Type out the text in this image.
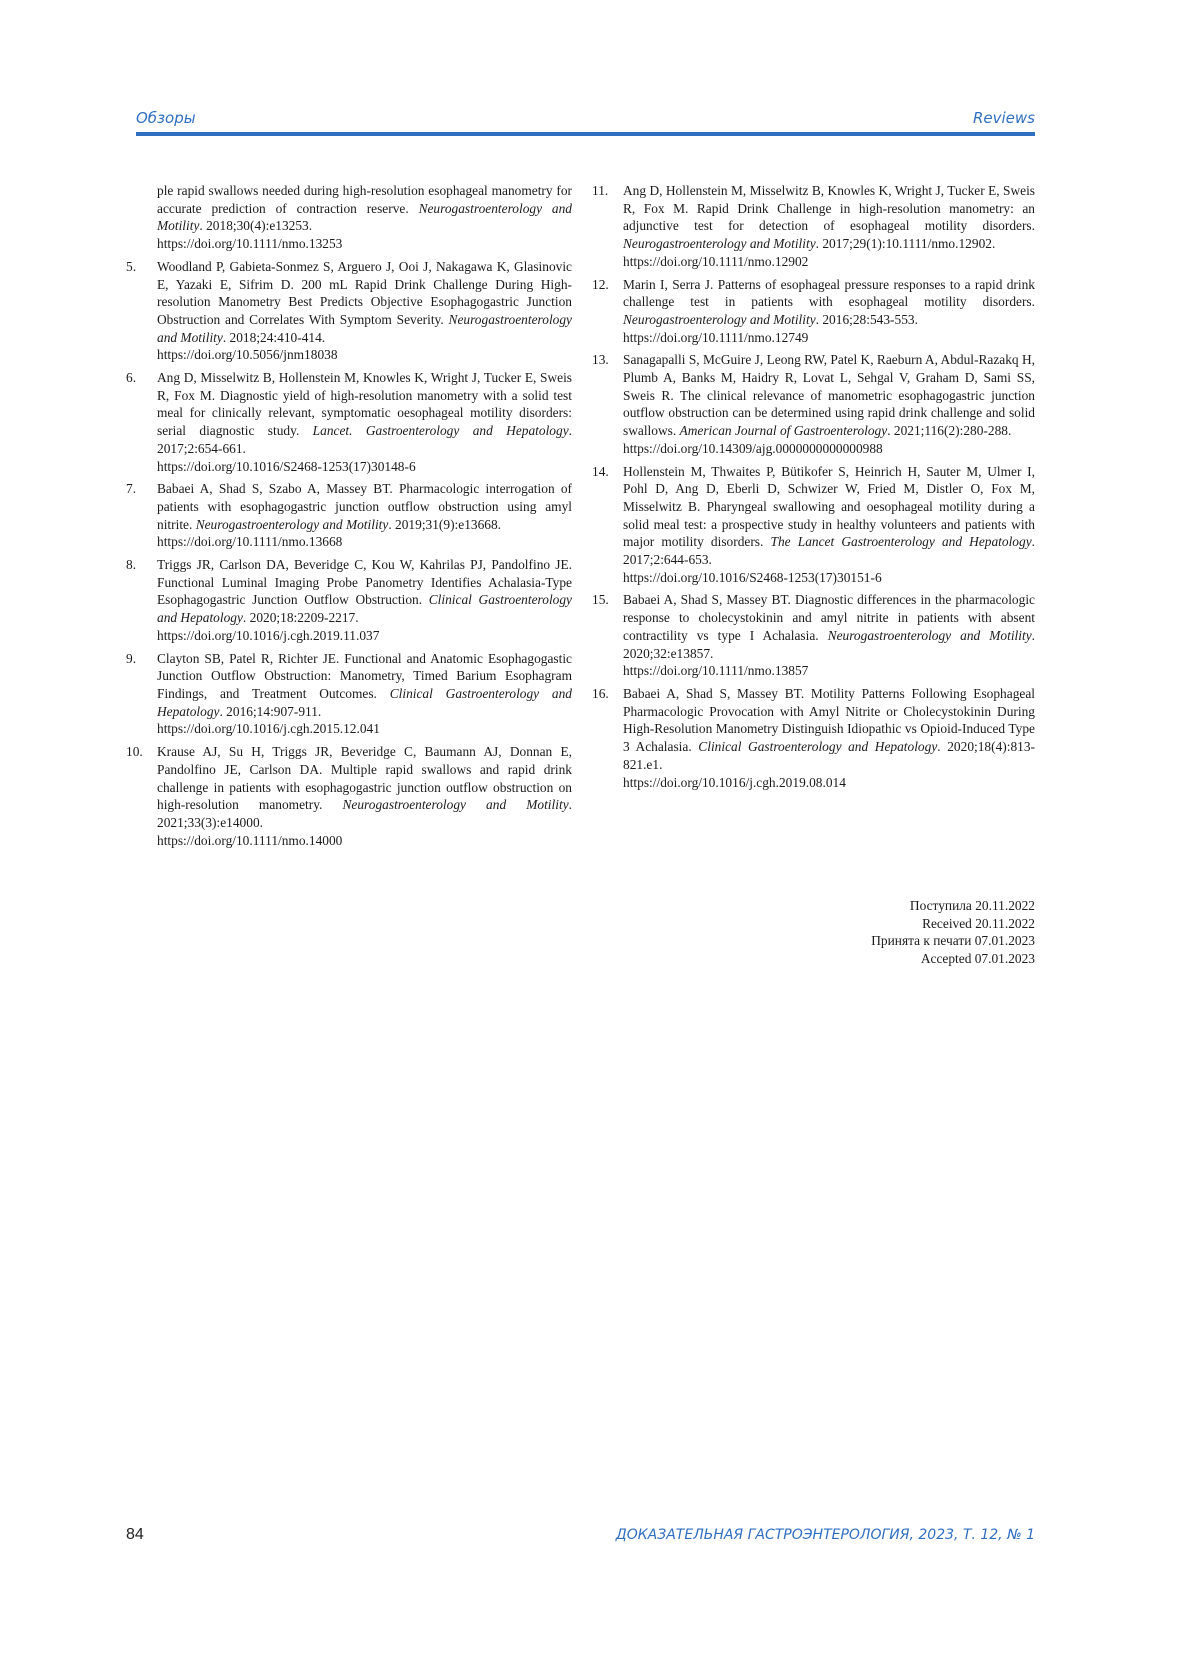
Обзоры	Reviews
ple rapid swallows needed during high-resolution esophageal manometry for accurate prediction of contraction reserve. Neurogastroenterology and Motility. 2018;30(4):e13253.
https://doi.org/10.1111/nmo.13253
5. Woodland P, Gabieta-Sonmez S, Arguero J, Ooi J, Nakagawa K, Glasinovic E, Yazaki E, Sifrim D. 200 mL Rapid Drink Challenge During High-resolution Manometry Best Predicts Objective Esophagogastric Junction Obstruction and Correlates With Symptom Severity. Neurogastroenterology and Motility. 2018;24:410-414.
https://doi.org/10.5056/jnm18038
6. Ang D, Misselwitz B, Hollenstein M, Knowles K, Wright J, Tucker E, Sweis R, Fox M. Diagnostic yield of high-resolution manometry with a solid test meal for clinically relevant, symptomatic oesophageal motility disorders: serial diagnostic study. Lancet. Gastroenterology and Hepatology. 2017;2:654-661.
https://doi.org/10.1016/S2468-1253(17)30148-6
7. Babaei A, Shad S, Szabo A, Massey BT. Pharmacologic interrogation of patients with esophagogastric junction outflow obstruction using amyl nitrite. Neurogastroenterology and Motility. 2019;31(9):e13668.
https://doi.org/10.1111/nmo.13668
8. Triggs JR, Carlson DA, Beveridge C, Kou W, Kahrilas PJ, Pandolfino JE. Functional Luminal Imaging Probe Panometry Identifies Achalasia-Type Esophagogastric Junction Outflow Obstruction. Clinical Gastroenterology and Hepatology. 2020;18:2209-2217.
https://doi.org/10.1016/j.cgh.2019.11.037
9. Clayton SB, Patel R, Richter JE. Functional and Anatomic Esophagogastic Junction Outflow Obstruction: Manometry, Timed Barium Esophagram Findings, and Treatment Outcomes. Clinical Gastroenterology and Hepatology. 2016;14:907-911.
https://doi.org/10.1016/j.cgh.2015.12.041
10. Krause AJ, Su H, Triggs JR, Beveridge C, Baumann AJ, Donnan E, Pandolfino JE, Carlson DA. Multiple rapid swallows and rapid drink challenge in patients with esophagogastric junction outflow obstruction on high-resolution manometry. Neurogastroenterology and Motility. 2021;33(3):e14000.
https://doi.org/10.1111/nmo.14000
11. Ang D, Hollenstein M, Misselwitz B, Knowles K, Wright J, Tucker E, Sweis R, Fox M. Rapid Drink Challenge in high-resolution manometry: an adjunctive test for detection of esophageal motility disorders. Neurogastroenterology and Motility. 2017;29(1):10.1111/nmo.12902.
https://doi.org/10.1111/nmo.12902
12. Marin I, Serra J. Patterns of esophageal pressure responses to a rapid drink challenge test in patients with esophageal motility disorders. Neurogastroenterology and Motility. 2016;28:543-553.
https://doi.org/10.1111/nmo.12749
13. Sanagapalli S, McGuire J, Leong RW, Patel K, Raeburn A, Abdul-Razakq H, Plumb A, Banks M, Haidry R, Lovat L, Sehgal V, Graham D, Sami SS, Sweis R. The clinical relevance of manometric esophagogastric junction outflow obstruction can be determined using rapid drink challenge and solid swallows. American Journal of Gastroenterology. 2021;116(2):280-288.
https://doi.org/10.14309/ajg.0000000000000988
14. Hollenstein M, Thwaites P, Bütikofer S, Heinrich H, Sauter M, Ulmer I, Pohl D, Ang D, Eberli D, Schwizer W, Fried M, Distler O, Fox M, Misselwitz B. Pharyngeal swallowing and oesophageal motility during a solid meal test: a prospective study in healthy volunteers and patients with major motility disorders. The Lancet Gastroenterology and Hepatology. 2017;2:644-653.
https://doi.org/10.1016/S2468-1253(17)30151-6
15. Babaei A, Shad S, Massey BT. Diagnostic differences in the pharmacologic response to cholecystokinin and amyl nitrite in patients with absent contractility vs type I Achalasia. Neurogastroenterology and Motility. 2020;32:e13857.
https://doi.org/10.1111/nmo.13857
16. Babaei A, Shad S, Massey BT. Motility Patterns Following Esophageal Pharmacologic Provocation with Amyl Nitrite or Cholecystokinin During High-Resolution Manometry Distinguish Idiopathic vs Opioid-Induced Type 3 Achalasia. Clinical Gastroenterology and Hepatology. 2020;18(4):813-821.e1.
https://doi.org/10.1016/j.cgh.2019.08.014
Поступила 20.11.2022
Received 20.11.2022
Принята к печати 07.01.2023
Accepted 07.01.2023
84	ДОКАЗАТЕЛЬНАЯ ГАСТРОЭНТЕРОЛОГИЯ, 2023, Т. 12, № 1
